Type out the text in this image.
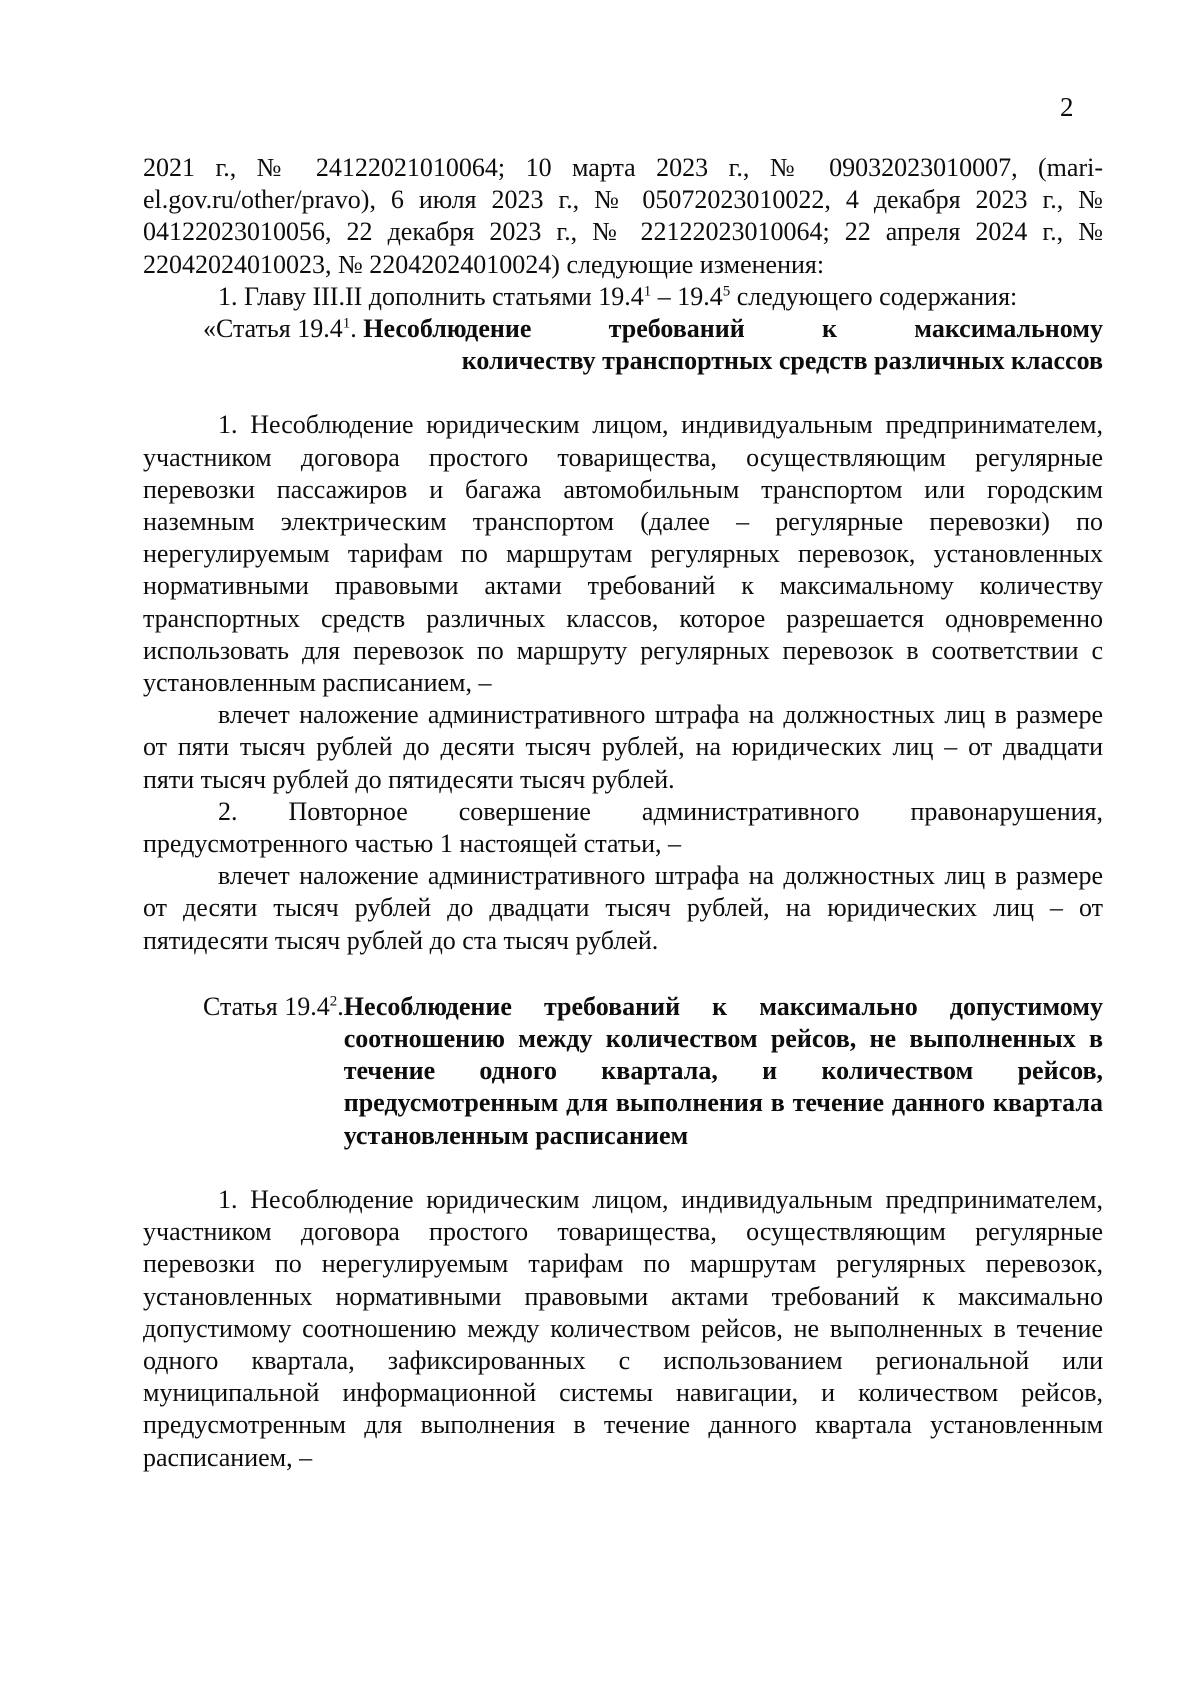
2

2021 г., № 24122021010064; 10 марта 2023 г., № 09032023010007, (mari-el.gov.ru/other/pravo), 6 июля 2023 г., № 05072023010022, 4 декабря 2023 г., № 04122023010056, 22 декабря 2023 г., № 22122023010064; 22 апреля 2024 г., № 22042024010023, № 22042024010024) следующие изменения:

1. Главу III.II дополнить статьями 19.4$^1$ – 19.4$^5$ следующего содержания:

«Статья 19.4$^1$. Несоблюдение требований к максимальному
количеству транспортных средств различных классов

1. Несоблюдение юридическим лицом, индивидуальным предпринимателем, участником договора простого товарищества, осуществляющим регулярные перевозки пассажиров и багажа автомобильным транспортом или городским наземным электрическим транспортом (далее – регулярные перевозки) по нерегулируемым тарифам по маршрутам регулярных перевозок, установленных нормативными правовыми актами требований к максимальному количеству транспортных средств различных классов, которое разрешается одновременно использовать для перевозок по маршруту регулярных перевозок в соответствии с установленным расписанием, –

влечет наложение административного штрафа на должностных лиц в размере от пяти тысяч рублей до десяти тысяч рублей, на юридических лиц – от двадцати пяти тысяч рублей до пятидесяти тысяч рублей.

2. Повторное совершение административного правонарушения, предусмотренного частью 1 настоящей статьи, –

влечет наложение административного штрафа на должностных лиц в размере от десяти тысяч рублей до двадцати тысяч рублей, на юридических лиц – от пятидесяти тысяч рублей до ста тысяч рублей.

Статья 19.4$^2$. Несоблюдение требований к максимально допустимому соотношению между количеством рейсов, не выполненных в течение одного квартала, и количеством рейсов, предусмотренным для выполнения в течение данного квартала установленным расписанием

1. Несоблюдение юридическим лицом, индивидуальным предпринимателем, участником договора простого товарищества, осуществляющим регулярные перевозки по нерегулируемым тарифам по маршрутам регулярных перевозок, установленных нормативными правовыми актами требований к максимально допустимому соотношению между количеством рейсов, не выполненных в течение одного квартала, зафиксированных с использованием региональной или муниципальной информационной системы навигации, и количеством рейсов, предусмотренным для выполнения в течение данного квартала установленным расписанием, –
